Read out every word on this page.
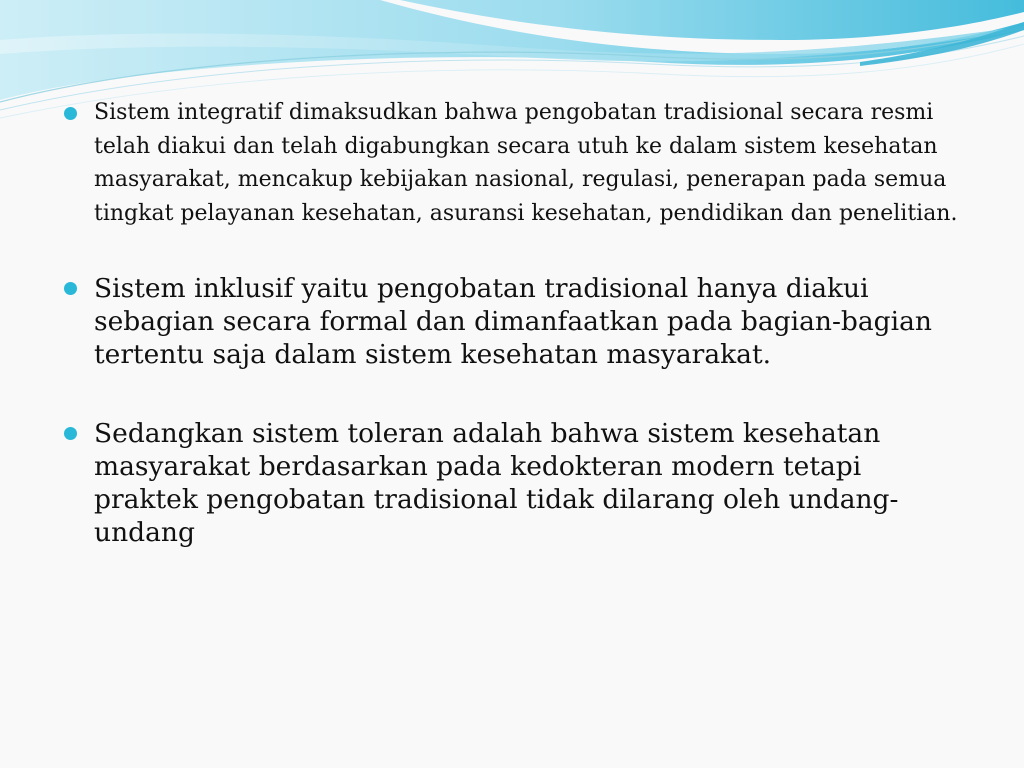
Sistem integratif dimaksudkan bahwa pengobatan tradisional secara resmi telah diakui dan telah digabungkan secara utuh ke dalam sistem kesehatan masyarakat, mencakup kebijakan nasional, regulasi, penerapan pada semua tingkat pelayanan kesehatan, asuransi kesehatan, pendidikan dan penelitian.
Sistem inklusif yaitu pengobatan tradisional hanya diakui sebagian secara formal dan dimanfaatkan pada bagian-bagian tertentu saja dalam sistem kesehatan masyarakat.
Sedangkan sistem toleran adalah bahwa sistem kesehatan masyarakat berdasarkan pada kedokteran modern tetapi praktek pengobatan tradisional tidak dilarang oleh undang-undang
